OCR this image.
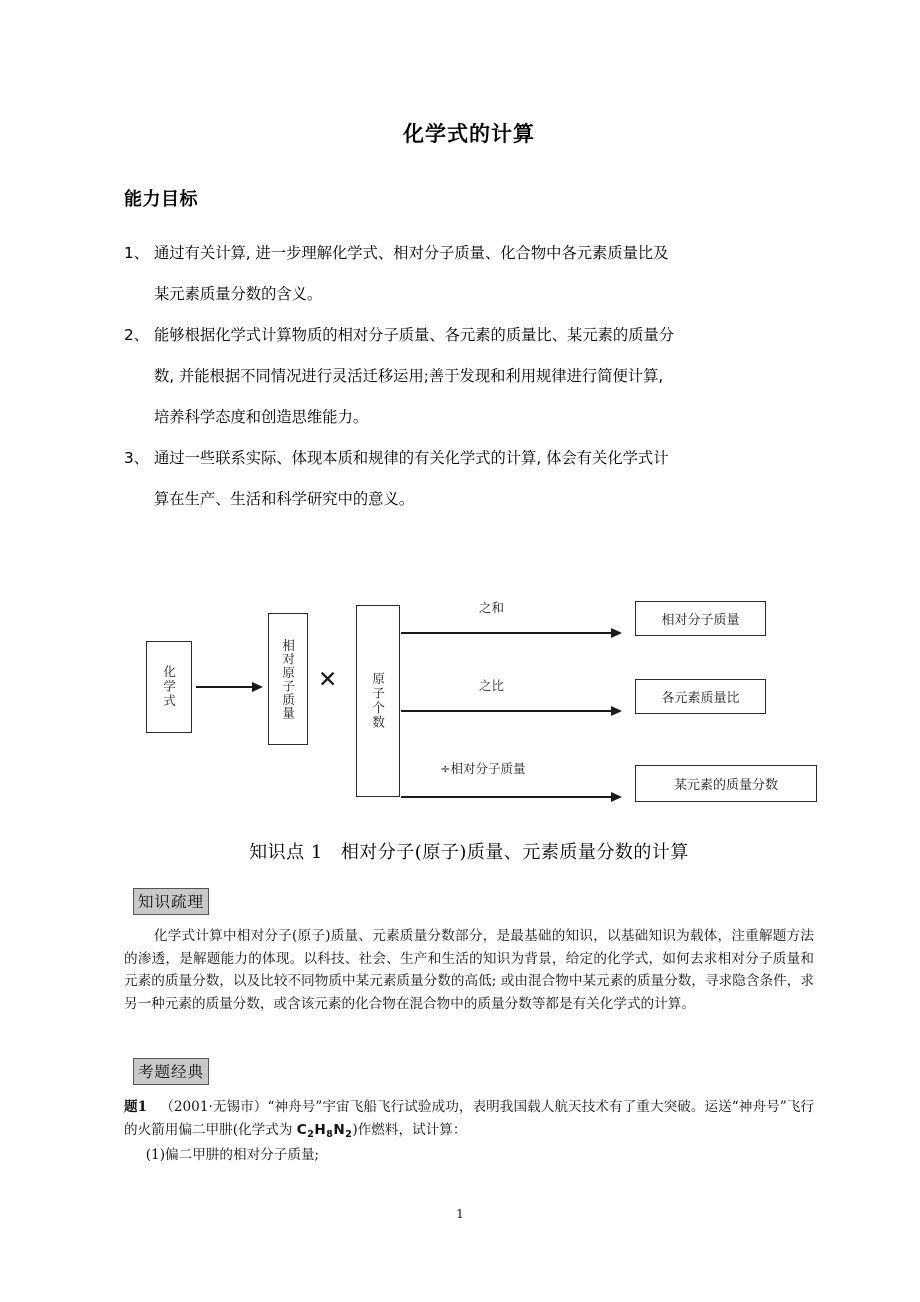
化学式的计算
能力目标
1、 通过有关计算, 进一步理解化学式、相对分子质量、化合物中各元素质量比及
某元素质量分数的含义。
2、 能够根据化学式计算物质的相对分子质量、各元素的质量比、某元素的质量分
数, 并能根据不同情况进行灵活迁移运用;善于发现和利用规律进行简便计算,
培养科学态度和创造思维能力。
3、 通过一些联系实际、体现本质和规律的有关化学式的计算, 体会有关化学式计
算在生产、生活和科学研究中的意义。
化学式	相对原子质量 ✕	原子个数
之和
之比
÷相对分子质量
相对分子质量
各元素质量比
某元素的质量分数
知识点 1 相对分子(原子)质量、元素质量分数的计算
知识疏理
化学式计算中相对分子(原子)质量、元素质量分数部分，是最基础的知识，以基础知识为载体，注重解题方法的渗透，是解题能力的体现。以科技、社会、生产和生活的知识为背景，给定的化学式，如何去求相对分子质量和元素的质量分数，以及比较不同物质中某元素质量分数的高低; 或由混合物中某元素的质量分数，寻求隐含条件，求另一种元素的质量分数，或含该元素的化合物在混合物中的质量分数等都是有关化学式的计算。
考题经典
题1 （2001·无锡市）“神舟号”宇宙飞船飞行试验成功，表明我国载人航天技术有了重大突破。运送“神舟号”飞行的火箭用偏二甲肼(化学式为 $C_2H_8N_2$)作燃料，试计算：
(1)偏二甲肼的相对分子质量;
1
